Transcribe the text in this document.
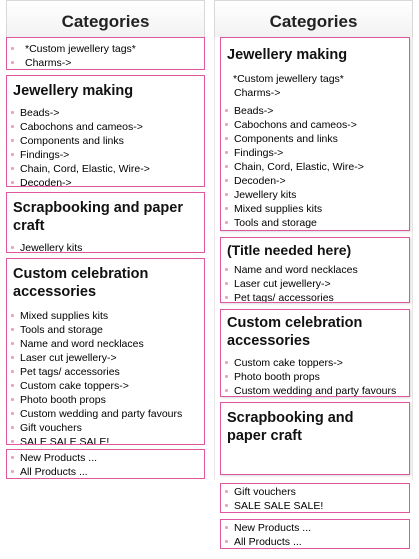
Categories
*Custom jewellery tags*
Charms->
Jewellery making
Beads->
Cabochons and cameos->
Components and links
Findings->
Chain, Cord, Elastic, Wire->
Decoden->
Scrapbooking and paper craft
Jewellery kits
Custom celebration accessories
Mixed supplies kits
Tools and storage
Name and word necklaces
Laser cut jewellery->
Pet tags/ accessories
Custom cake toppers->
Photo booth props
Custom wedding and party favours
Gift vouchers
SALE SALE SALE!
New Products ...
All Products ...
Categories
Jewellery making
*Custom jewellery tags*
Charms->
Beads->
Cabochons and cameos->
Components and links
Findings->
Chain, Cord, Elastic, Wire->
Decoden->
Jewellery kits
Mixed supplies kits
Tools and storage
(Title needed here)
Name and word necklaces
Laser cut jewellery->
Pet tags/ accessories
Custom celebration accessories
Custom cake toppers->
Photo booth props
Custom wedding and party favours
Scrapbooking and paper craft
Gift vouchers
SALE SALE SALE!
New Products ...
All Products ...
